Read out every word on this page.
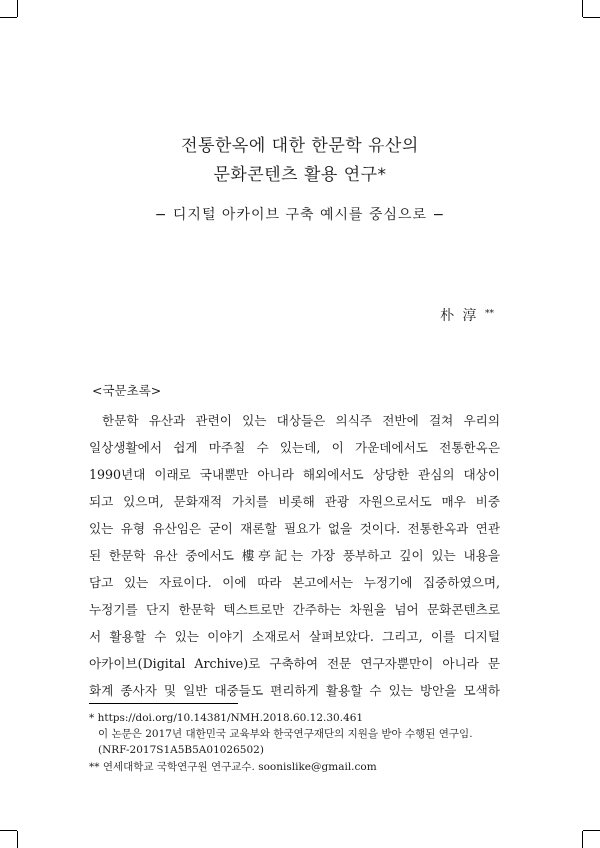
전통한옥에 대한 한문학 유산의
문화콘텐츠 활용 연구*
− 디지털 아카이브 구축 예시를 중심으로 −
朴 淳 **
<국문초록>
한문학 유산과 관련이 있는 대상들은 의식주 전반에 걸쳐 우리의
일상생활에서 쉽게 마주칠 수 있는데, 이 가운데에서도 전통한옥은
1990년대 이래로 국내뿐만 아니라 해외에서도 상당한 관심의 대상이
되고 있으며, 문화재적 가치를 비롯해 관광 자원으로서도 매우 비중
있는 유형 유산임은 굳이 재론할 필요가 없을 것이다. 전통한옥과 연관
된 한문학 유산 중에서도 樓亭記는 가장 풍부하고 깊이 있는 내용을
담고 있는 자료이다. 이에 따라 본고에서는 누정기에 집중하였으며,
누정기를 단지 한문학 텍스트로만 간주하는 차원을 넘어 문화콘텐츠로
서 활용할 수 있는 이야기 소재로서 살펴보았다. 그리고, 이를 디지털
아카이브(Digital Archive)로 구축하여 전문 연구자뿐만이 아니라 문
화계 종사자 및 일반 대중들도 편리하게 활용할 수 있는 방안을 모색하
* https://doi.org/10.14381/NMH.2018.60.12.30.461
이 논문은 2017년 대한민국 교육부와 한국연구재단의 지원을 받아 수행된 연구임.
(NRF-2017S1A5B5A01026502)
** 연세대학교 국학연구원 연구교수. soonislike@gmail.com
